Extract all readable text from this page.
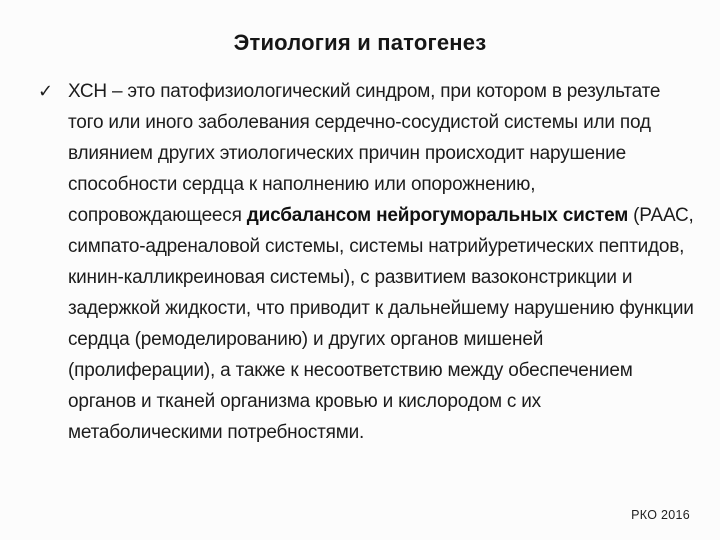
Этиология и патогенез
✓ ХСН – это патофизиологический синдром, при котором в результате того или иного заболевания сердечно-сосудистой системы или под влиянием других этиологических причин происходит нарушение способности сердца к наполнению или опорожнению, сопровождающееся дисбалансом нейрогуморальных систем (РААС, симпато-адреналовой системы, системы натрийуретических пептидов, кинин-калликреиновая системы), с развитием вазоконстрикции и задержкой жидкости, что приводит к дальнейшему нарушению функции сердца (ремоделированию) и других органов мишеней (пролиферации), а также к несоответствию между обеспечением органов и тканей организма кровью и кислородом с их метаболическими потребностями.

РКО 2016
